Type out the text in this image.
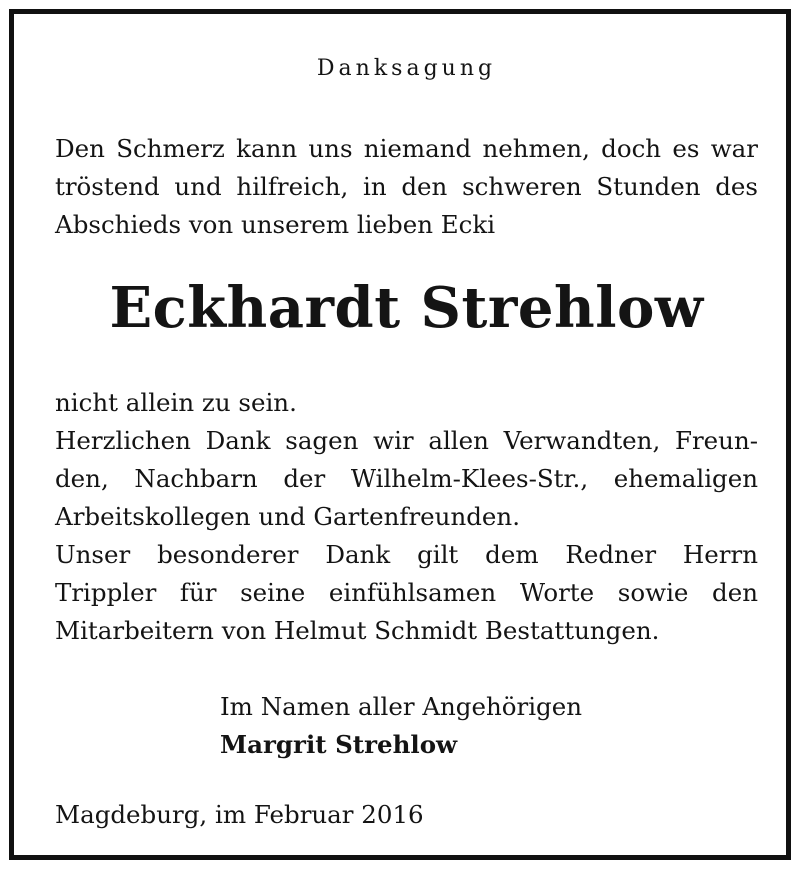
Danksagung

Den Schmerz kann uns niemand nehmen, doch es war
tröstend und hilfreich, in den schweren Stunden des
Abschieds von unserem lieben Ecki

Eckhardt Strehlow

nicht allein zu sein.
Herzlichen Dank sagen wir allen Verwandten, Freun-
den, Nachbarn der Wilhelm-Klees-Str., ehemaligen
Arbeitskollegen und Gartenfreunden.
Unser besonderer Dank gilt dem Redner Herrn
Trippler für seine einfühlsamen Worte sowie den
Mitarbeitern von Helmut Schmidt Bestattungen.

Im Namen aller Angehörigen
Margrit Strehlow
Magdeburg, im Februar 2016
